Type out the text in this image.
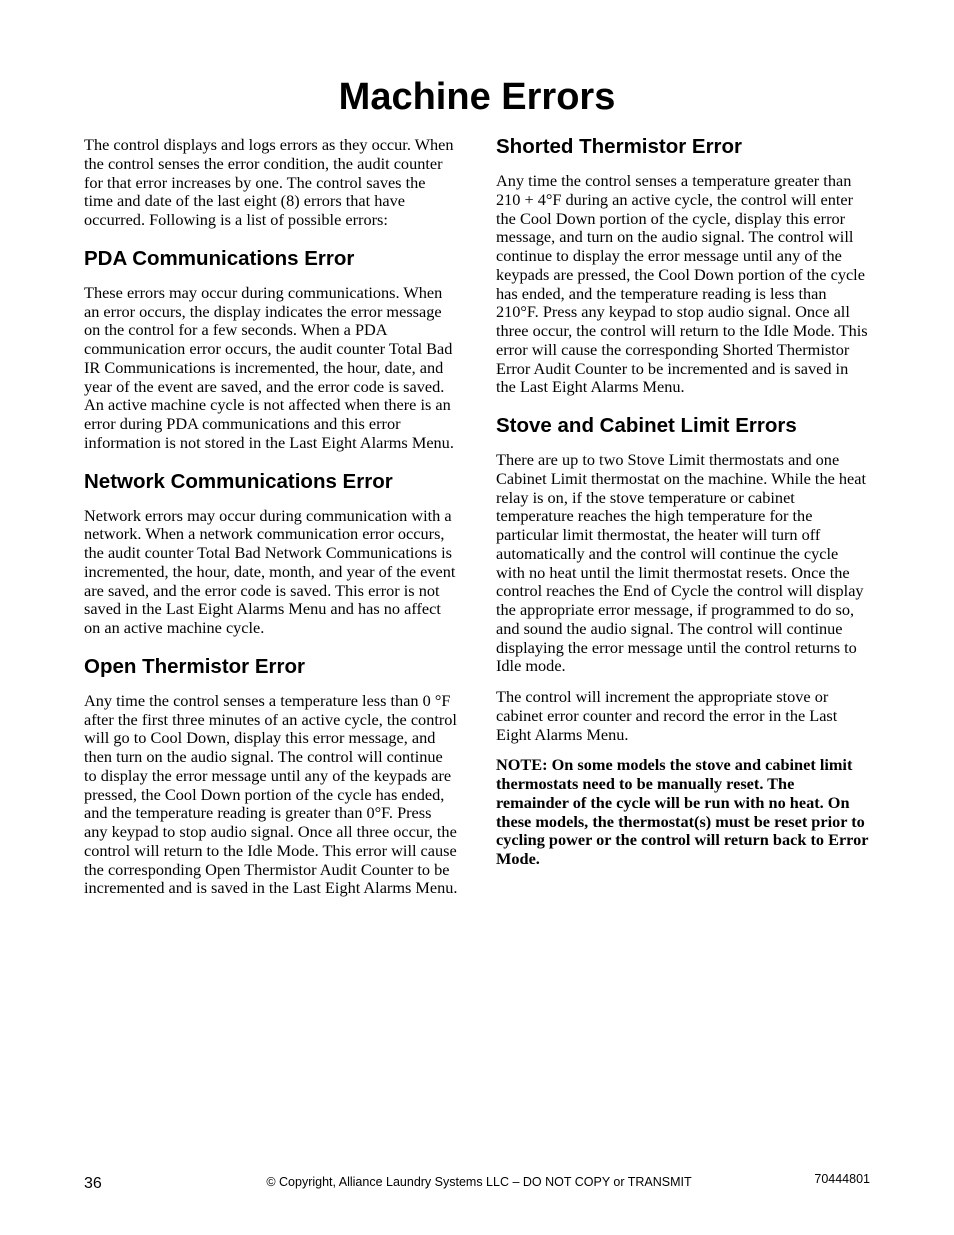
Machine Errors

The control displays and logs errors as they occur. When the control senses the error condition, the audit counter for that error increases by one. The control saves the time and date of the last eight (8) errors that have occurred. Following is a list of possible errors:

PDA Communications Error

These errors may occur during communications. When an error occurs, the display indicates the error message on the control for a few seconds. When a PDA communication error occurs, the audit counter Total Bad IR Communications is incremented, the hour, date, and year of the event are saved, and the error code is saved. An active machine cycle is not affected when there is an error during PDA communications and this error information is not stored in the Last Eight Alarms Menu.

Network Communications Error

Network errors may occur during communication with a network. When a network communication error occurs, the audit counter Total Bad Network Communications is incremented, the hour, date, month, and year of the event are saved, and the error code is saved. This error is not saved in the Last Eight Alarms Menu and has no affect on an active machine cycle.

Open Thermistor Error

Any time the control senses a temperature less than 0 °F after the first three minutes of an active cycle, the control will go to Cool Down, display this error message, and then turn on the audio signal. The control will continue to display the error message until any of the keypads are pressed, the Cool Down portion of the cycle has ended, and the temperature reading is greater than 0°F. Press any keypad to stop audio signal. Once all three occur, the control will return to the Idle Mode. This error will cause the corresponding Open Thermistor Audit Counter to be incremented and is saved in the Last Eight Alarms Menu.

Shorted Thermistor Error

Any time the control senses a temperature greater than 210 + 4°F during an active cycle, the control will enter the Cool Down portion of the cycle, display this error message, and turn on the audio signal. The control will continue to display the error message until any of the keypads are pressed, the Cool Down portion of the cycle has ended, and the temperature reading is less than 210°F. Press any keypad to stop audio signal. Once all three occur, the control will return to the Idle Mode. This error will cause the corresponding Shorted Thermistor Error Audit Counter to be incremented and is saved in the Last Eight Alarms Menu.

Stove and Cabinet Limit Errors

There are up to two Stove Limit thermostats and one Cabinet Limit thermostat on the machine. While the heat relay is on, if the stove temperature or cabinet temperature reaches the high temperature for the particular limit thermostat, the heater will turn off automatically and the control will continue the cycle with no heat until the limit thermostat resets. Once the control reaches the End of Cycle the control will display the appropriate error message, if programmed to do so, and sound the audio signal. The control will continue displaying the error message until the control returns to Idle mode.

The control will increment the appropriate stove or cabinet error counter and record the error in the Last Eight Alarms Menu.

NOTE: On some models the stove and cabinet limit thermostats need to be manually reset. The remainder of the cycle will be run with no heat. On these models, the thermostat(s) must be reset prior to cycling power or the control will return back to Error Mode.

36	© Copyright, Alliance Laundry Systems LLC – DO NOT COPY or TRANSMIT	70444801
